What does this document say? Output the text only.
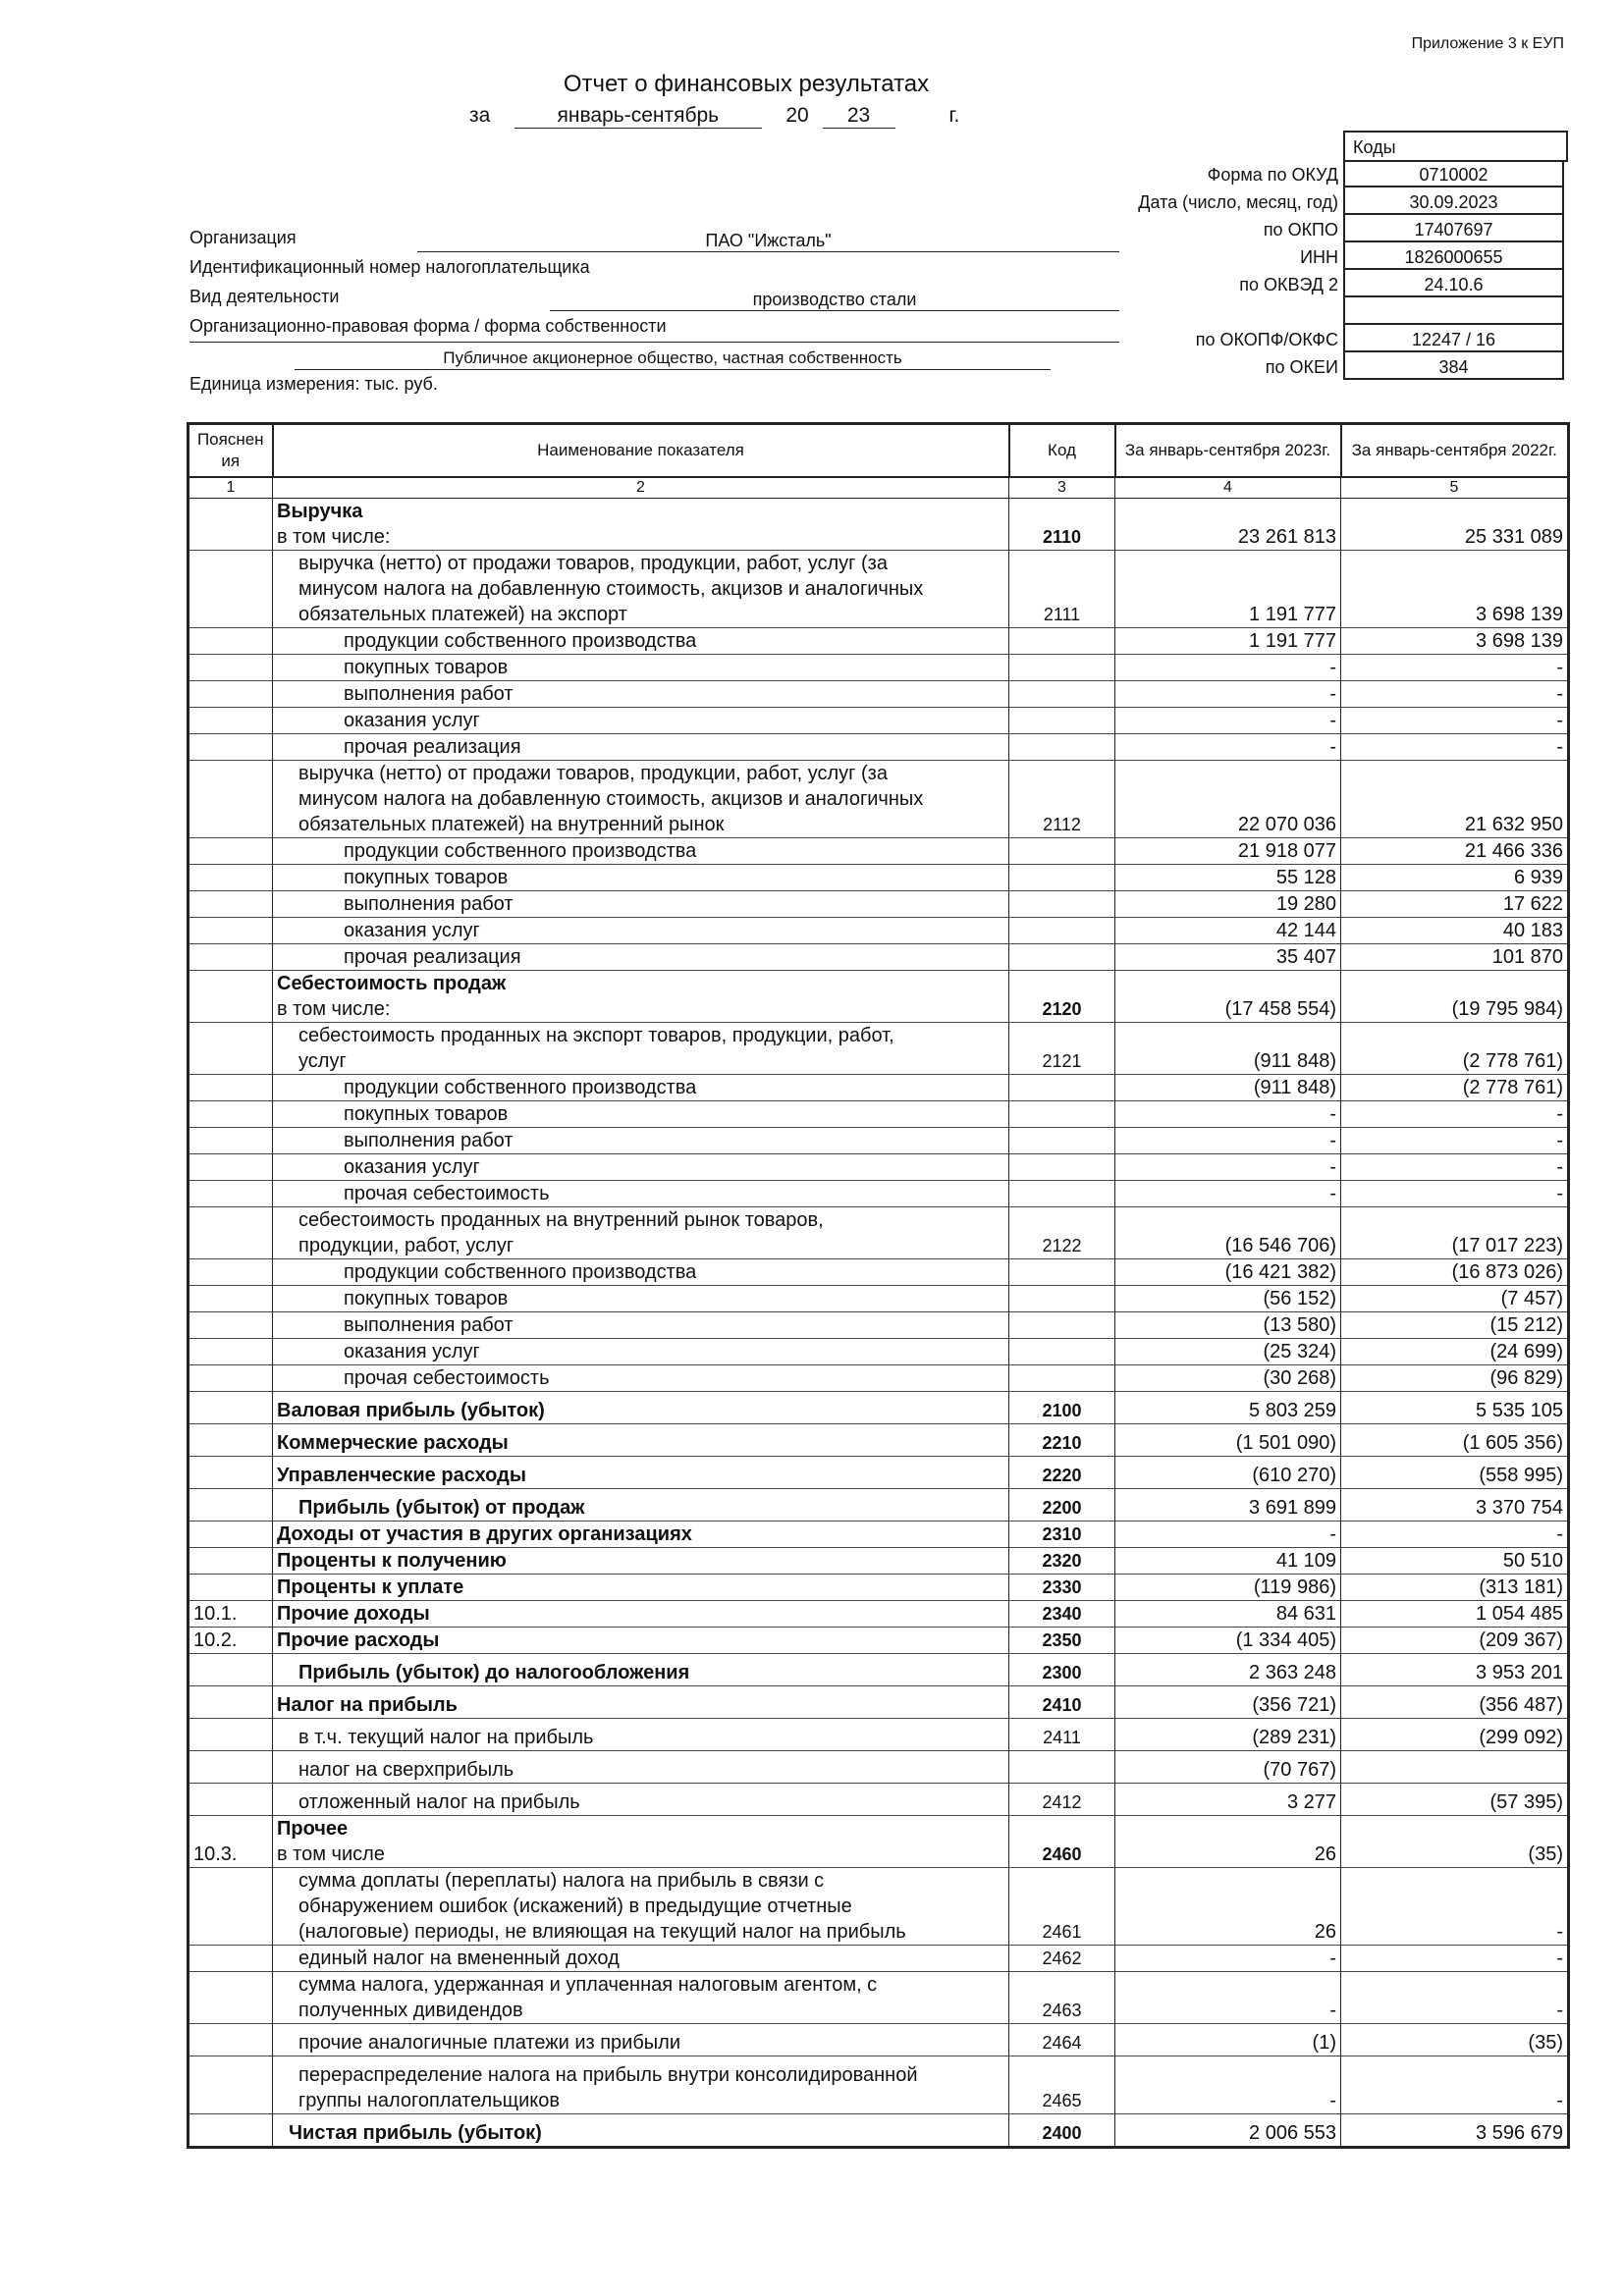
Приложение 3 к ЕУП
Отчет о финансовых результатах
за	январь-сентябрь	20 23	г.
Коды
0710002
Форма по ОКУД
30.09.2023
Дата (число, месяц, год)
17407697
по ОКПО
1826000655
ИНН
24.10.6
по ОКВЭД 2
12247 / 16
по ОКОПФ/ОКФС
384
по ОКЕИ
Организация	ПАО "Ижсталь"
Идентификационный номер налогоплательщика
Вид деятельности	производство стали
Организационно-правовая форма / форма собственности
Публичное акционерное общество, частная собственность
Единица измерения: тыс. руб.
Пояснен ия	Наименование показателя	Код	За январь-сентября 2023г.	За январь-сентября 2022г.
1	2	3	4	5

	Выручка
в том числе:	2110	23 261 813	25 331 089

	выручка (нетто) от продажи товаров, продукции, работ, услуг (за
минусом налога на добавленную стоимость, акцизов и аналогичных
обязательных платежей) на экспорт	2111	1 191 777	3 698 139

	продукции собственного производства		1 191 777	3 698 139

	покупных товаров		-	-

	выполнения работ		-	-

	оказания услуг		-	-

	прочая реализация		-	-

	выручка (нетто) от продажи товаров, продукции, работ, услуг (за
минусом налога на добавленную стоимость, акцизов и аналогичных
обязательных платежей) на внутренний рынок	2112	22 070 036	21 632 950

	продукции собственного производства		21 918 077	21 466 336

	покупных товаров		55 128	6 939

	выполнения работ		19 280	17 622

	оказания услуг		42 144	40 183

	прочая реализация		35 407	101 870

	Себестоимость продаж
в том числе:	2120	(17 458 554)	(19 795 984)

	себестоимость проданных на экспорт товаров, продукции, работ,
услуг	2121	(911 848)	(2 778 761)

	продукции собственного производства		(911 848)	(2 778 761)

	покупных товаров		-	-

	выполнения работ		-	-

	оказания услуг		-	-

	прочая себестоимость		-	-

	себестоимость проданных на внутренний рынок товаров,
продукции, работ, услуг	2122	(16 546 706)	(17 017 223)

	продукции собственного производства		(16 421 382)	(16 873 026)

	покупных товаров		(56 152)	(7 457)

	выполнения работ		(13 580)	(15 212)

	оказания услуг		(25 324)	(24 699)

	прочая себестоимость		(30 268)	(96 829)

	Валовая прибыль (убыток)	2100	5 803 259	5 535 105

	Коммерческие расходы	2210	(1 501 090)	(1 605 356)

	Управленческие расходы	2220	(610 270)	(558 995)

	Прибыль (убыток) от продаж	2200	3 691 899	3 370 754

	Доходы от участия в других организациях	2310	-	-

	Проценты к получению	2320	41 109	50 510

	Проценты к уплате	2330	(119 986)	(313 181)
10.1.	Прочие доходы	2340	84 631	1 054 485
10.2.	Прочие расходы	2350	(1 334 405)	(209 367)

	Прибыль (убыток) до налогообложения	2300	2 363 248	3 953 201

	Налог на прибыль	2410	(356 721)	(356 487)

	в т.ч. текущий налог на прибыль	2411	(289 231)	(299 092)

	налог на сверхприбыль		(70 767)	

	отложенный налог на прибыль	2412	3 277	(57 395)
10.3.	Прочее
в том числе	2460	26	(35)

	сумма доплаты (переплаты) налога на прибыль в связи с
обнаружением ошибок (искажений) в предыдущие отчетные
(налоговые) периоды, не влияющая на текущий налог на прибыль	2461	26	-

	единый налог на вмененный доход	2462	-	-

	сумма налога, удержанная и уплаченная налоговым агентом, с
полученных дивидендов	2463	-	-

	прочие аналогичные платежи из прибыли	2464	(1)	(35)

	перераспределение налога на прибыль внутри консолидированной
группы налогоплательщиков	2465	-	-

	Чистая прибыль (убыток)	2400	2 006 553	3 596 679
